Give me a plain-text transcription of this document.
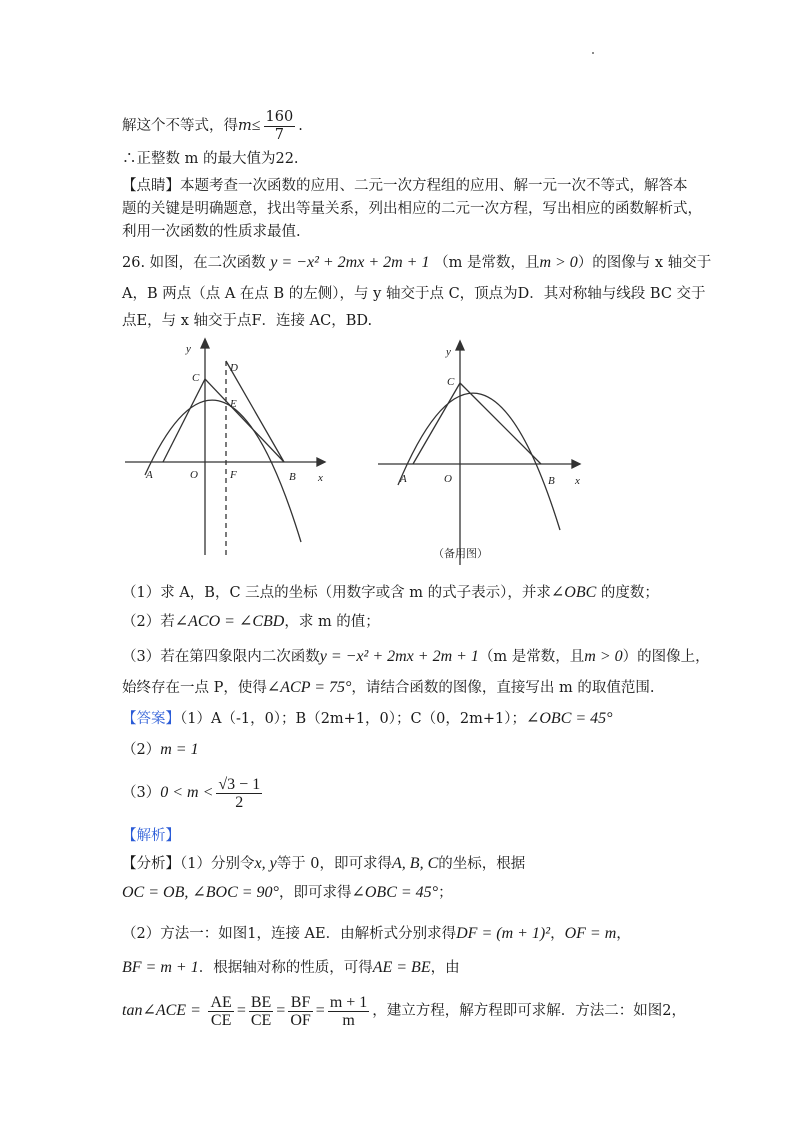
解这个不等式，得$m\le \frac{160}{7}$ .
∴正整数 m 的最大值为22.
【点睛】本题考查一次函数的应用、二元一次方程组的应用、解一元一次不等式，解答本
题的关键是明确题意，找出等量关系，列出相应的二元一次方程，写出相应的函数解析式，
利用一次函数的性质求最值.
26. 如图，在二次函数 y = −x² + 2mx + 2m + 1 （m 是常数，且m > 0）的图像与 x 轴交于
A，B 两点（点 A 在点 B 的左侧），与 y 轴交于点 C，顶点为D．其对称轴与线段 BC 交于
点E，与 x 轴交于点F．连接 AC，BD.
y
C
D
E
A	O	F	B x
y
C
A	O	B x
（备用图）
（1）求 A，B，C 三点的坐标（用数字或含 m 的式子表示），并求∠OBC 的度数；
（2）若∠ACO = ∠CBD，求 m 的值；
（3）若在第四象限内二次函数y = −x² + 2mx + 2m + 1（m 是常数，且m > 0）的图像上，
始终存在一点 P，使得∠ACP = 75°，请结合函数的图像，直接写出 m 的取值范围.
【答案】（1）A（-1，0）；B（2m+1，0）；C（0，2m+1）；∠OBC = 45°
（2）m = 1
$(3)0 < m < \frac{√3 - 1}{2}$
【解析】
【分析】（1）分别令x, y等于 0，即可求得A, B, C的坐标，根据
OC = OB, ∠BOC = 90°，即可求得∠OBC = 45°；
（2）方法一：如图1，连接 AE．由解析式分别求得DF = (m + 1)²，OF = m，
BF = m + 1．根据轴对称的性质，可得AE = BE，由
tan∠ACE = $\frac{AE}{CE} = \frac{BE}{CE} = \frac{BF}{OF} = \frac{m + 1}{m}$ ，建立方程，解方程即可求解．方法二：如图2，
